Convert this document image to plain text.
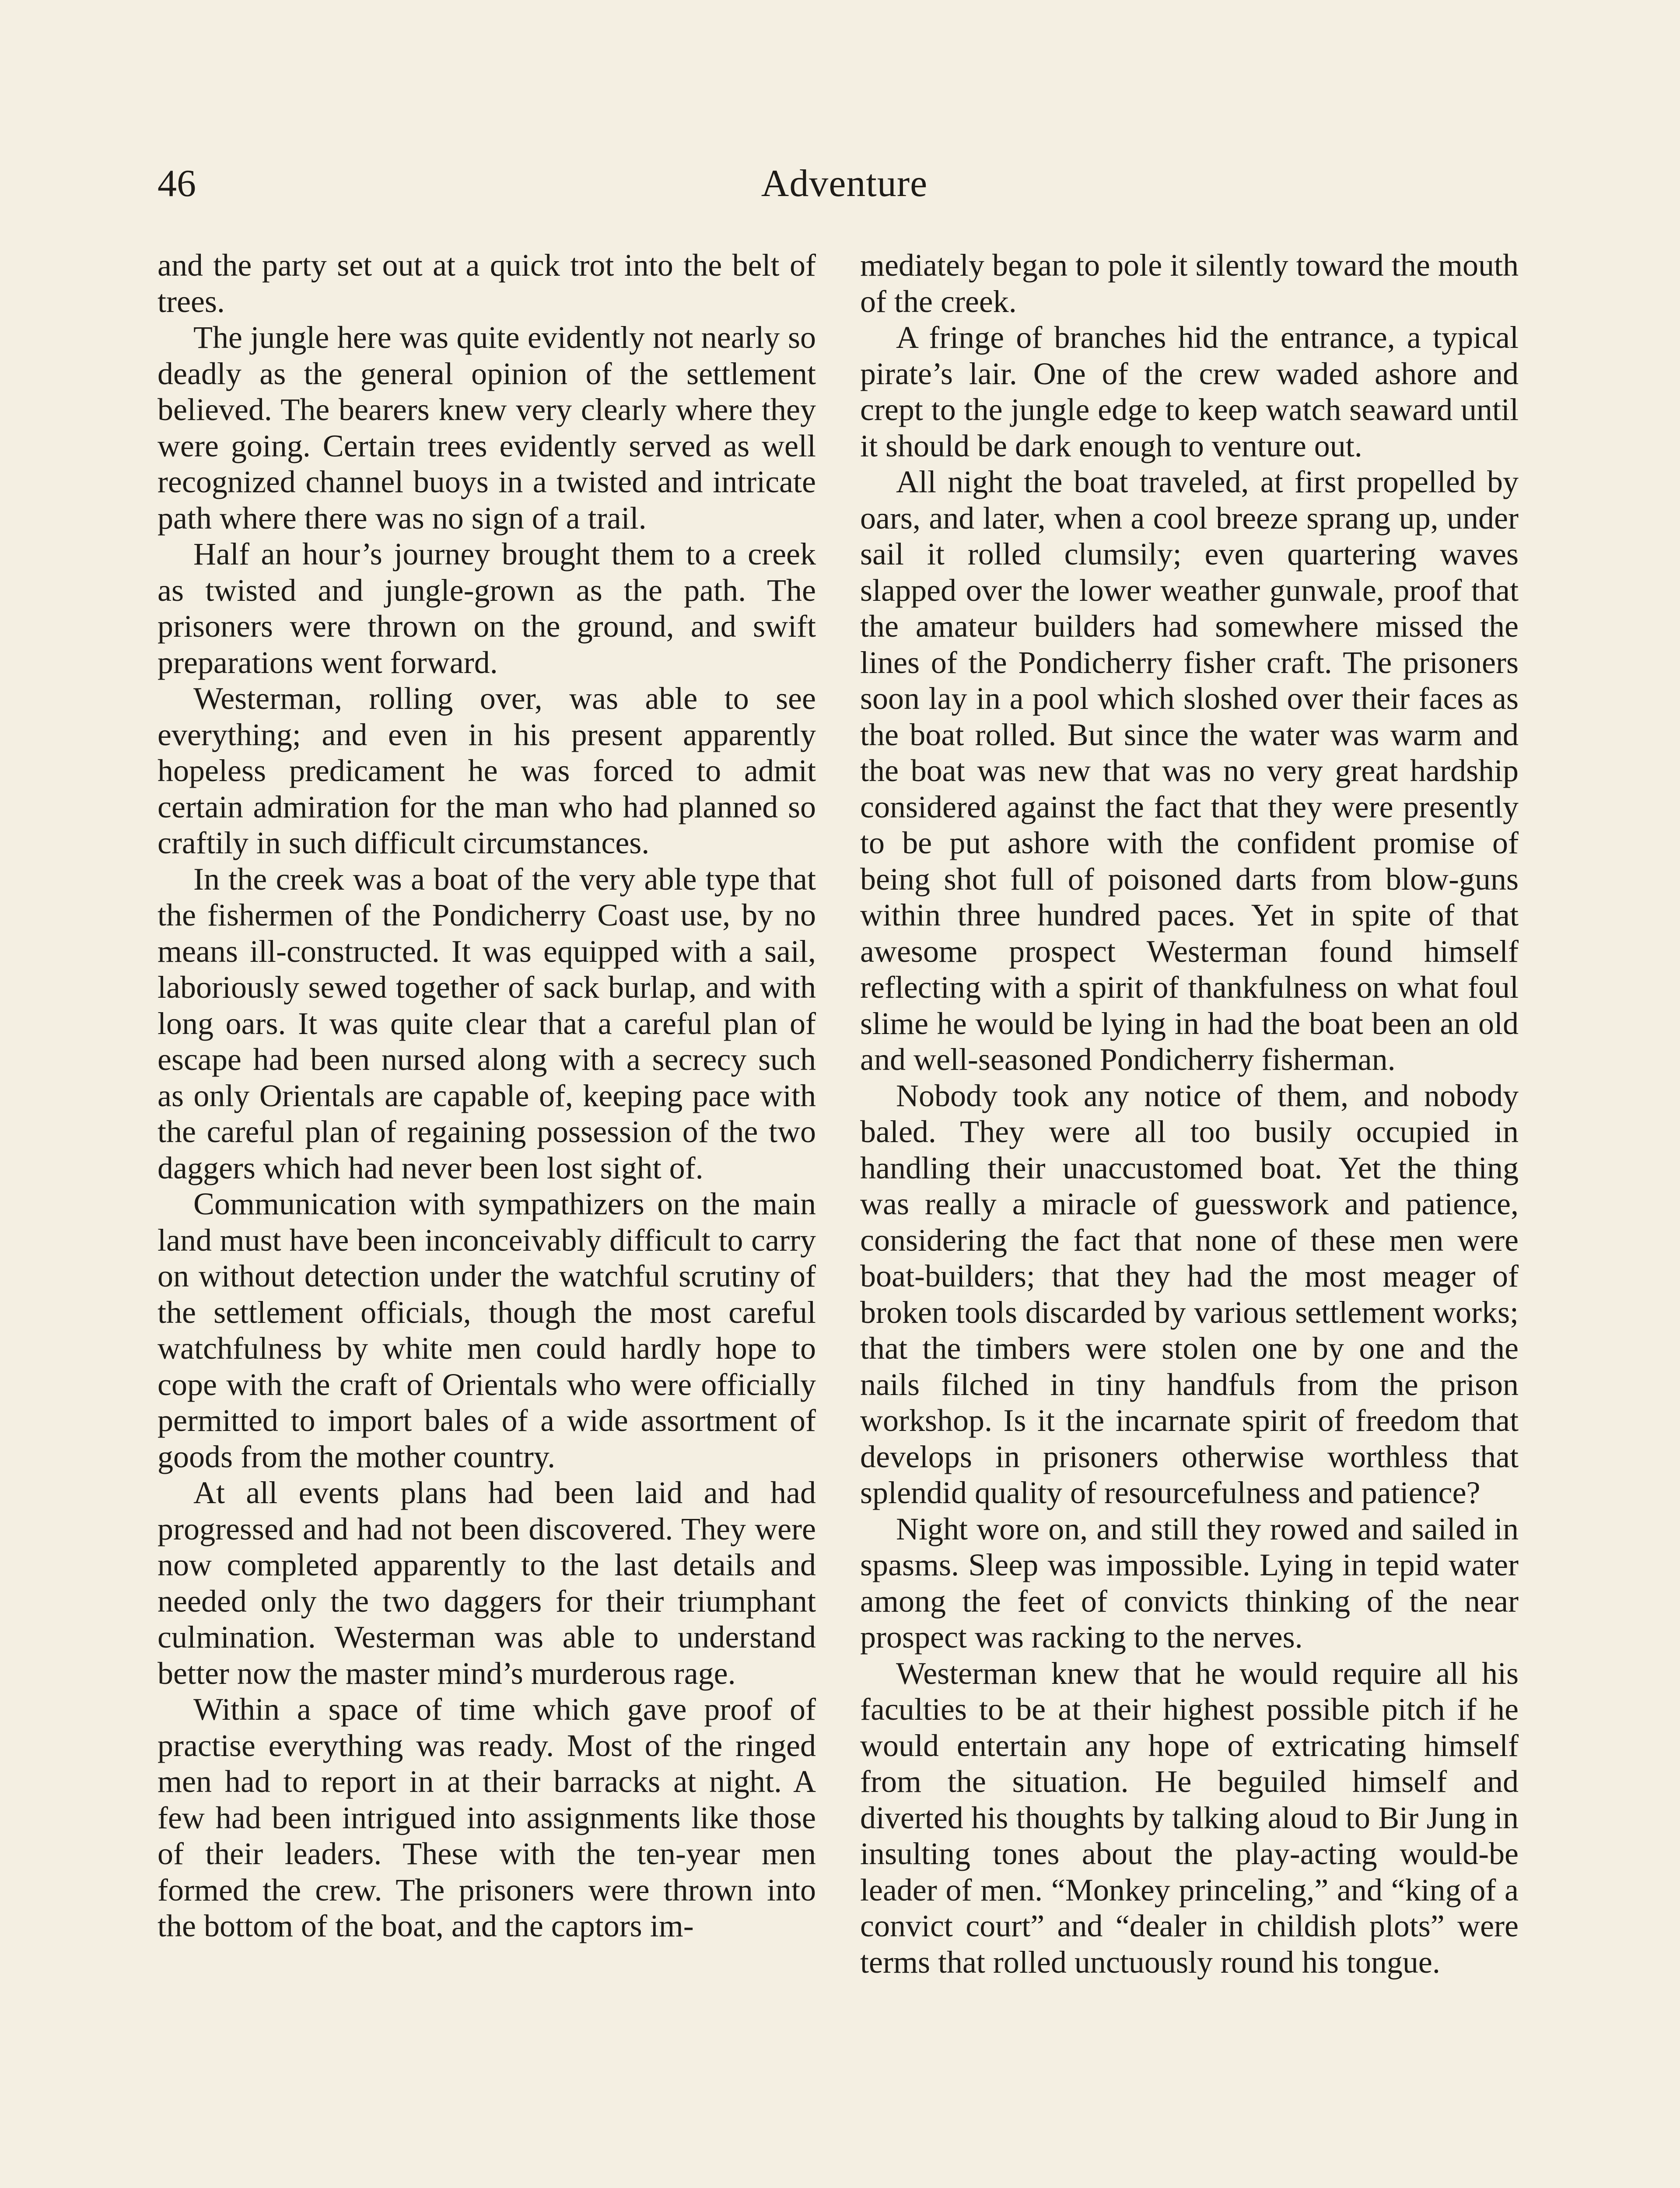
46	Adventure

and the party set out at a quick trot into the belt of trees.

The jungle here was quite evidently not nearly so deadly as the general opinion of the settlement believed. The bearers knew very clearly where they were going. Certain trees evidently served as well recognized channel buoys in a twisted and intricate path where there was no sign of a trail.

Half an hour’s journey brought them to a creek as twisted and jungle-grown as the path. The prisoners were thrown on the ground, and swift preparations went forward.

Westerman, rolling over, was able to see everything; and even in his present apparently hopeless predicament he was forced to admit certain admiration for the man who had planned so craftily in such difficult circumstances.

In the creek was a boat of the very able type that the fishermen of the Pondicherry Coast use, by no means ill-constructed. It was equipped with a sail, laboriously sewed together of sack burlap, and with long oars. It was quite clear that a careful plan of escape had been nursed along with a secrecy such as only Orientals are capable of, keeping pace with the careful plan of regaining possession of the two daggers which had never been lost sight of.

Communication with sympathizers on the main land must have been inconceivably difficult to carry on without detection under the watchful scrutiny of the settlement officials, though the most careful watchfulness by white men could hardly hope to cope with the craft of Orientals who were officially permitted to import bales of a wide assortment of goods from the mother country.

At all events plans had been laid and had progressed and had not been discovered. They were now completed apparently to the last details and needed only the two daggers for their triumphant culmination. Westerman was able to understand better now the master mind’s murderous rage.

Within a space of time which gave proof of practise everything was ready. Most of the ringed men had to report in at their barracks at night. A few had been intrigued into assignments like those of their leaders. These with the ten-year men formed the crew. The prisoners were thrown into the bottom of the boat, and the captors im-

mediately began to pole it silently toward the mouth of the creek.

A fringe of branches hid the entrance, a typical pirate’s lair. One of the crew waded ashore and crept to the jungle edge to keep watch seaward until it should be dark enough to venture out.

All night the boat traveled, at first propelled by oars, and later, when a cool breeze sprang up, under sail it rolled clumsily; even quartering waves slapped over the lower weather gunwale, proof that the amateur builders had somewhere missed the lines of the Pondicherry fisher craft. The prisoners soon lay in a pool which sloshed over their faces as the boat rolled. But since the water was warm and the boat was new that was no very great hardship considered against the fact that they were presently to be put ashore with the confident promise of being shot full of poisoned darts from blow-guns within three hundred paces. Yet in spite of that awesome prospect Westerman found himself reflecting with a spirit of thankfulness on what foul slime he would be lying in had the boat been an old and well-seasoned Pondicherry fisherman.

Nobody took any notice of them, and nobody baled. They were all too busily occupied in handling their unaccustomed boat. Yet the thing was really a miracle of guesswork and patience, considering the fact that none of these men were boat-builders; that they had the most meager of broken tools discarded by various settlement works; that the timbers were stolen one by one and the nails filched in tiny handfuls from the prison workshop. Is it the incarnate spirit of freedom that develops in prisoners otherwise worthless that splendid quality of resourcefulness and patience?

Night wore on, and still they rowed and sailed in spasms. Sleep was impossible. Lying in tepid water among the feet of convicts thinking of the near prospect was racking to the nerves.

Westerman knew that he would require all his faculties to be at their highest possible pitch if he would entertain any hope of extricating himself from the situation. He beguiled himself and diverted his thoughts by talking aloud to Bir Jung in insulting tones about the play-acting would-be leader of men. “Monkey princeling,” and “king of a convict court” and “dealer in childish plots” were terms that rolled unctuously round his tongue.
